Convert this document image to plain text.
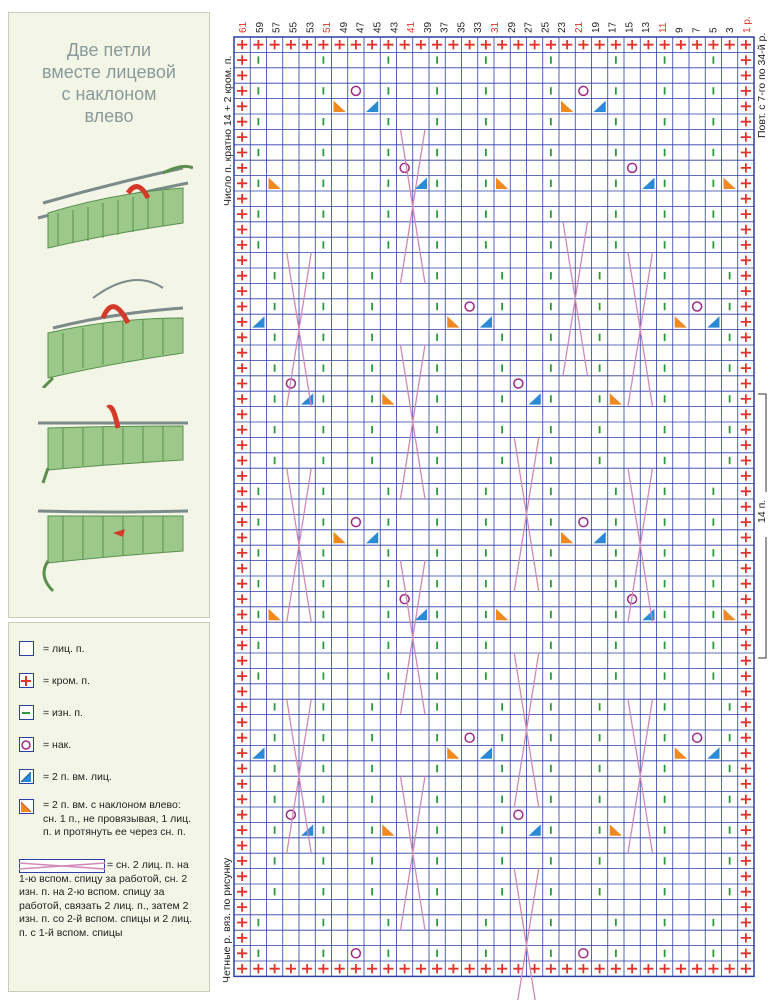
Две петли
вместе лицевой
с наклоном
влево
= лиц. п.
= кром. п.
= изн. п.
= нак.
= 2 п. вм. лиц.
= 2 п. вм. с наклоном влево: сн. 1 п., не провязывая, 1 лиц. п. и протянуть ее через сн. п.
= сн. 2 лиц. п. на 1-ю вспом. спицу за работой, сн. 2 изн. п. на 2-ю вспом. спицу за работой, связать 2 лиц. п., затем 2 изн. п. со 2-й вспом. спицы и 2 лиц. п. с 1-й вспом. спицы
61 59 57 55 53 51 49 47 45 43 41 39 37 35 33 31 29 27 25 23 21 19 17 15 13 11 9 7 5 3 1 р.
Число п. кратно 14 + 2 кром. п.
Четные р. вяз. по рисунку
Повт. с 7-го по 34-й р.
14 п.
